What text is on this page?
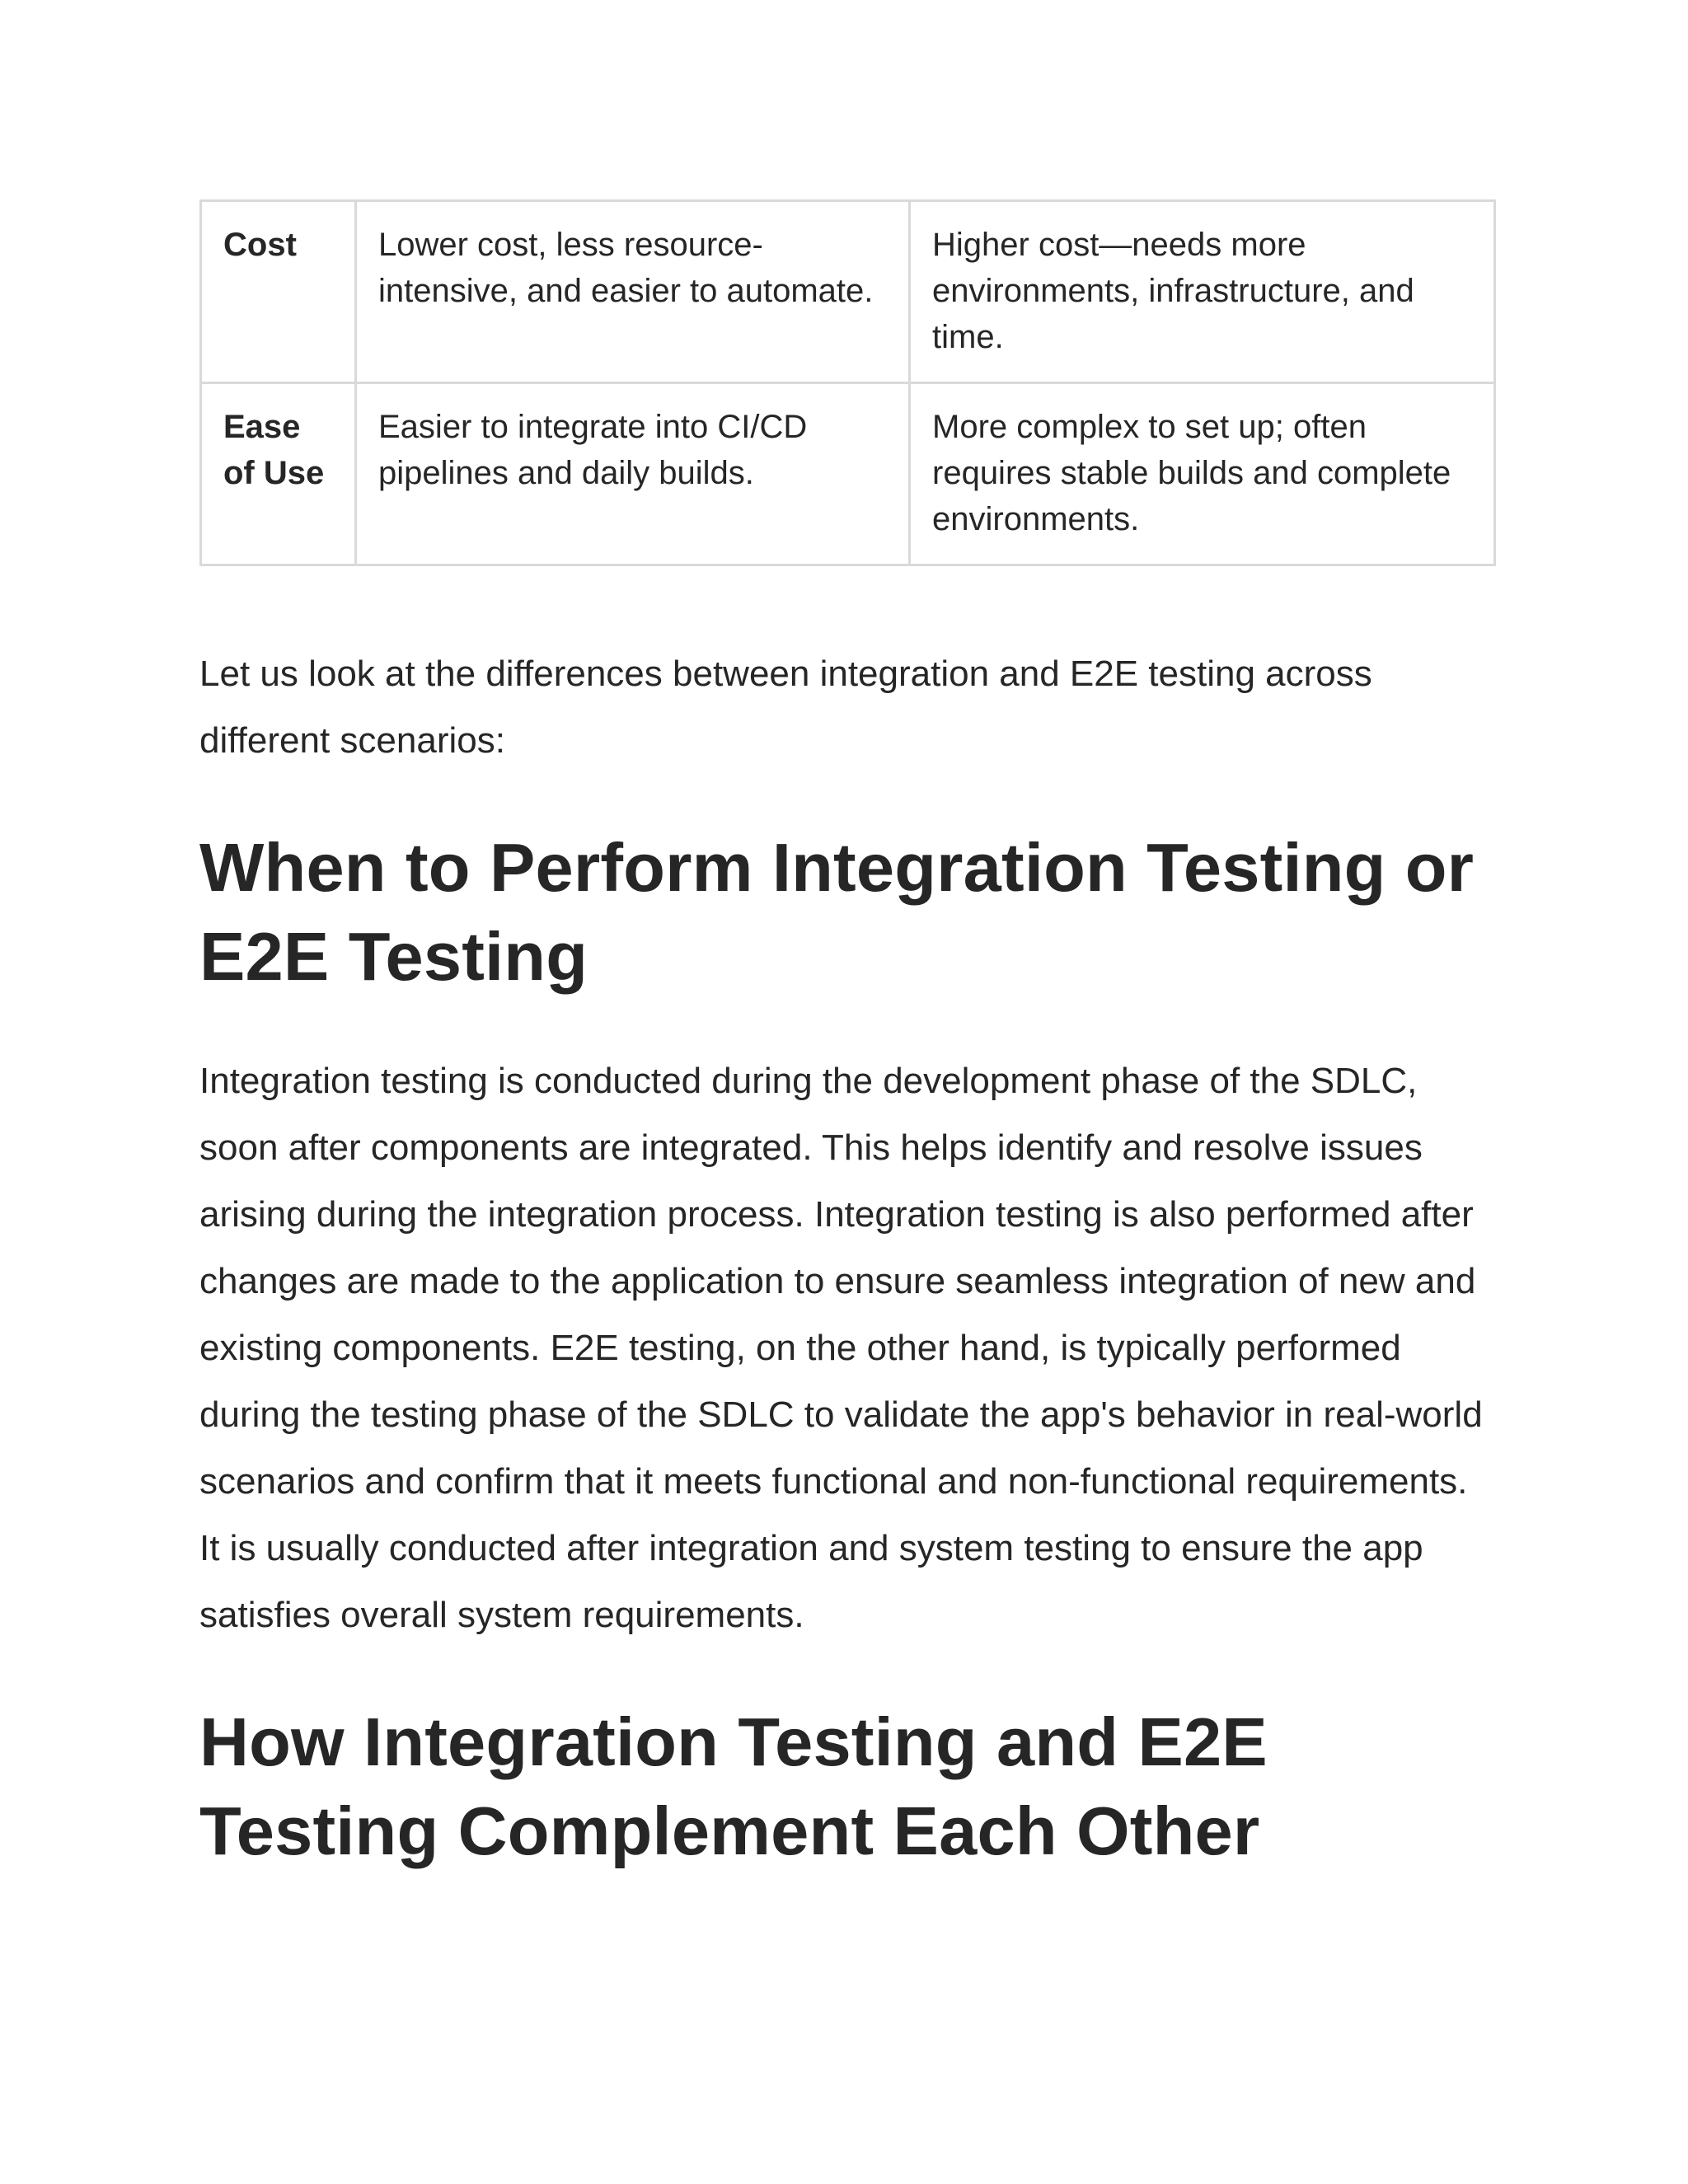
Cost	Lower cost, less resource-intensive, and easier to automate.	Higher cost—needs more environments, infrastructure, and time.
Ease of Use	Easier to integrate into CI/CD pipelines and daily builds.	More complex to set up; often requires stable builds and complete environments.

Let us look at the differences between integration and E2E testing across different scenarios:

When to Perform Integration Testing or E2E Testing

Integration testing is conducted during the development phase of the SDLC, soon after components are integrated. This helps identify and resolve issues arising during the integration process. Integration testing is also performed after changes are made to the application to ensure seamless integration of new and existing components. E2E testing, on the other hand, is typically performed during the testing phase of the SDLC to validate the app's behavior in real-world scenarios and confirm that it meets functional and non-functional requirements. It is usually conducted after integration and system testing to ensure the app satisfies overall system requirements.

How Integration Testing and E2E Testing Complement Each Other
